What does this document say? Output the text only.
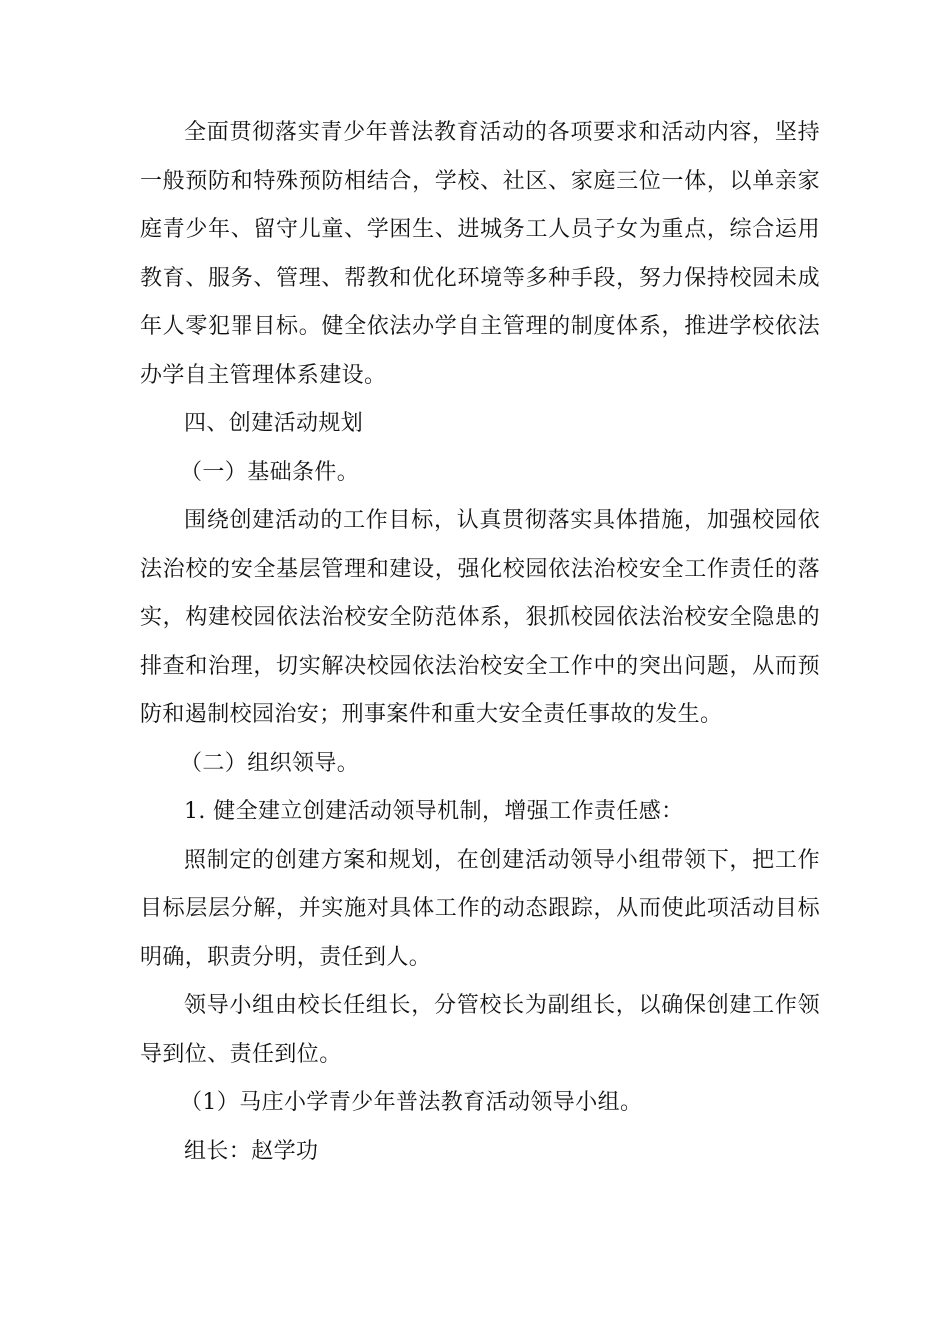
全面贯彻落实青少年普法教育活动的各项要求和活动内容，坚持一般预防和特殊预防相结合，学校、社区、家庭三位一体，以单亲家庭青少年、留守儿童、学困生、进城务工人员子女为重点，综合运用教育、服务、管理、帮教和优化环境等多种手段，努力保持校园未成年人零犯罪目标。健全依法办学自主管理的制度体系，推进学校依法办学自主管理体系建设。

四、创建活动规划

（一）基础条件。

围绕创建活动的工作目标，认真贯彻落实具体措施，加强校园依法治校的安全基层管理和建设，强化校园依法治校安全工作责任的落实，构建校园依法治校安全防范体系，狠抓校园依法治校安全隐患的排查和治理，切实解决校园依法治校安全工作中的突出问题，从而预防和遏制校园治安；刑事案件和重大安全责任事故的发生。

（二）组织领导。

1. 健全建立创建活动领导机制，增强工作责任感：

照制定的创建方案和规划，在创建活动领导小组带领下，把工作目标层层分解，并实施对具体工作的动态跟踪，从而使此项活动目标明确，职责分明，责任到人。

领导小组由校长任组长，分管校长为副组长，以确保创建工作领导到位、责任到位。

（1）马庄小学青少年普法教育活动领导小组。

组长：赵学功
